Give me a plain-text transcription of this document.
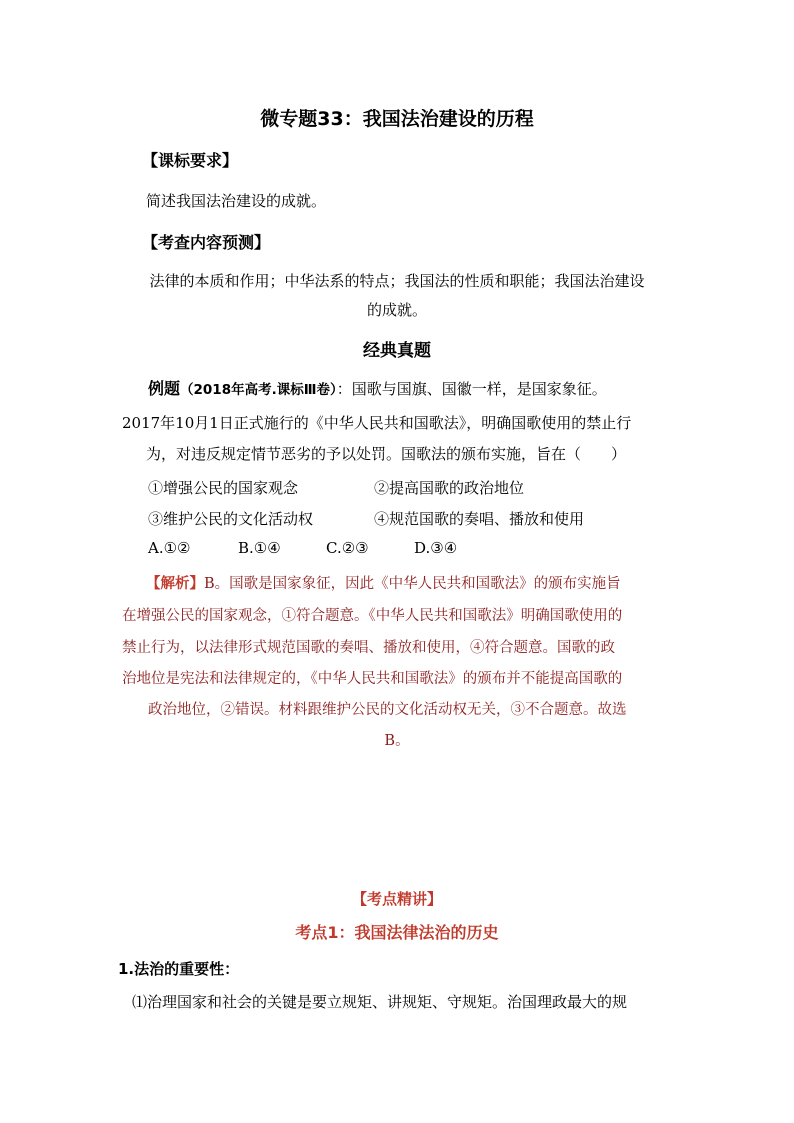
微专题33：我国法治建设的历程
【课标要求】
简述我国法治建设的成就。
【考查内容预测】
法律的本质和作用；中华法系的特点；我国法的性质和职能；我国法治建设
的成就。
经典真题
例题（2018年高考.课标Ⅲ卷）：国歌与国旗、国徽一样，是国家象征。
2017年10月1日正式施行的《中华人民共和国歌法》，明确国歌使用的禁止行
为，对违反规定情节恶劣的予以处罚。国歌法的颁布实施，旨在（　　）
①增强公民的国家观念	②提高国歌的政治地位
③维护公民的文化活动权	④规范国歌的奏唱、播放和使用
A.①②	B.①④	C.②③	D.③④
【解析】B。国歌是国家象征，因此《中华人民共和国歌法》的颁布实施旨
在增强公民的国家观念，①符合题意。《中华人民共和国歌法》明确国歌使用的
禁止行为，以法律形式规范国歌的奏唱、播放和使用，④符合题意。国歌的政
治地位是宪法和法律规定的，《中华人民共和国歌法》的颁布并不能提高国歌的
政治地位，②错误。材料跟维护公民的文化活动权无关，③不合题意。故选
B。
【考点精讲】
考点1：我国法律法治的历史
1.法治的重要性：
⑴治理国家和社会的关键是要立规矩、讲规矩、守规矩。治国理政最大的规
